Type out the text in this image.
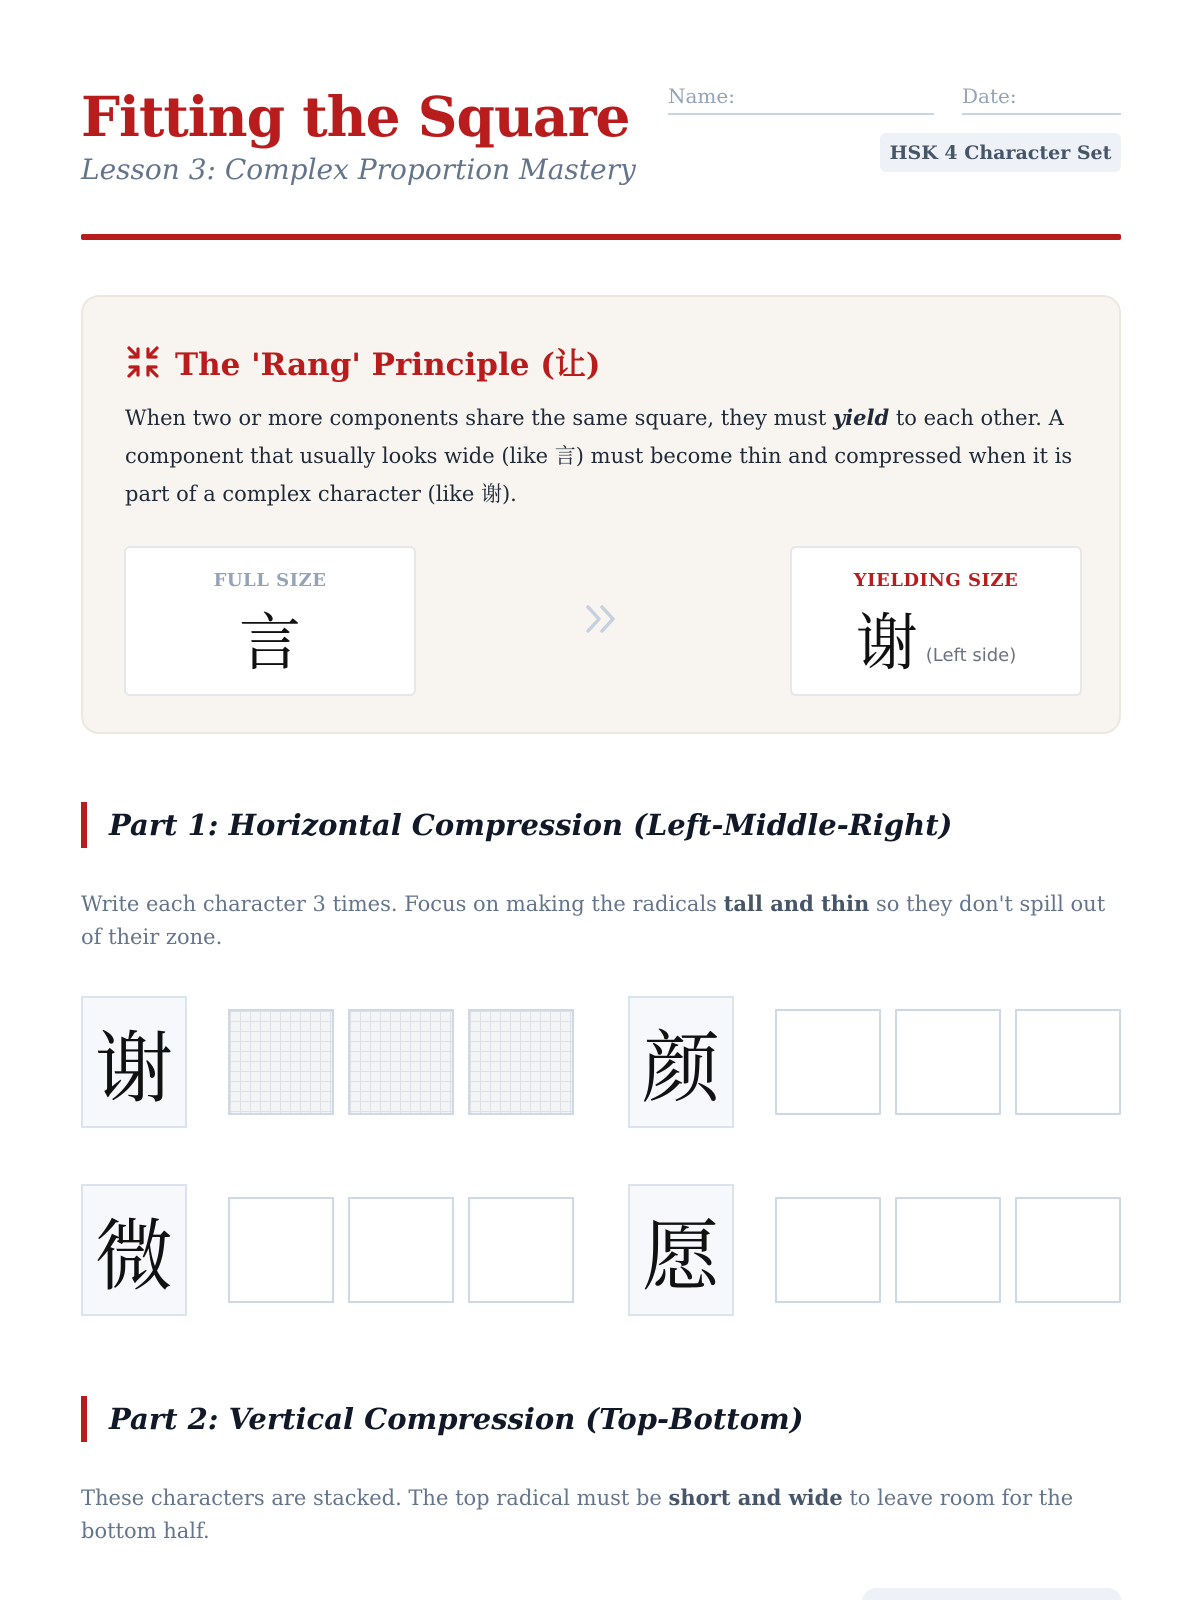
Fitting the Square
Lesson 3: Complex Proportion Mastery
Name:	Date:
HSK 4 Character Set
The 'Rang' Principle (让)

When two or more components share the same square, they must yield to each other. A component that usually looks wide (like 言) must become thin and compressed when it is part of a complex character (like 谢).

FULL SIZE
言
YIELDING SIZE
谢 (Left side)
Part 1: Horizontal Compression (Left-Middle-Right)

Write each character 3 times. Focus on making the radicals tall and thin so they don't spill out of their zone.

谢	颜
微	愿
Part 2: Vertical Compression (Top-Bottom)

These characters are stacked. The top radical must be short and wide to leave room for the bottom half.
